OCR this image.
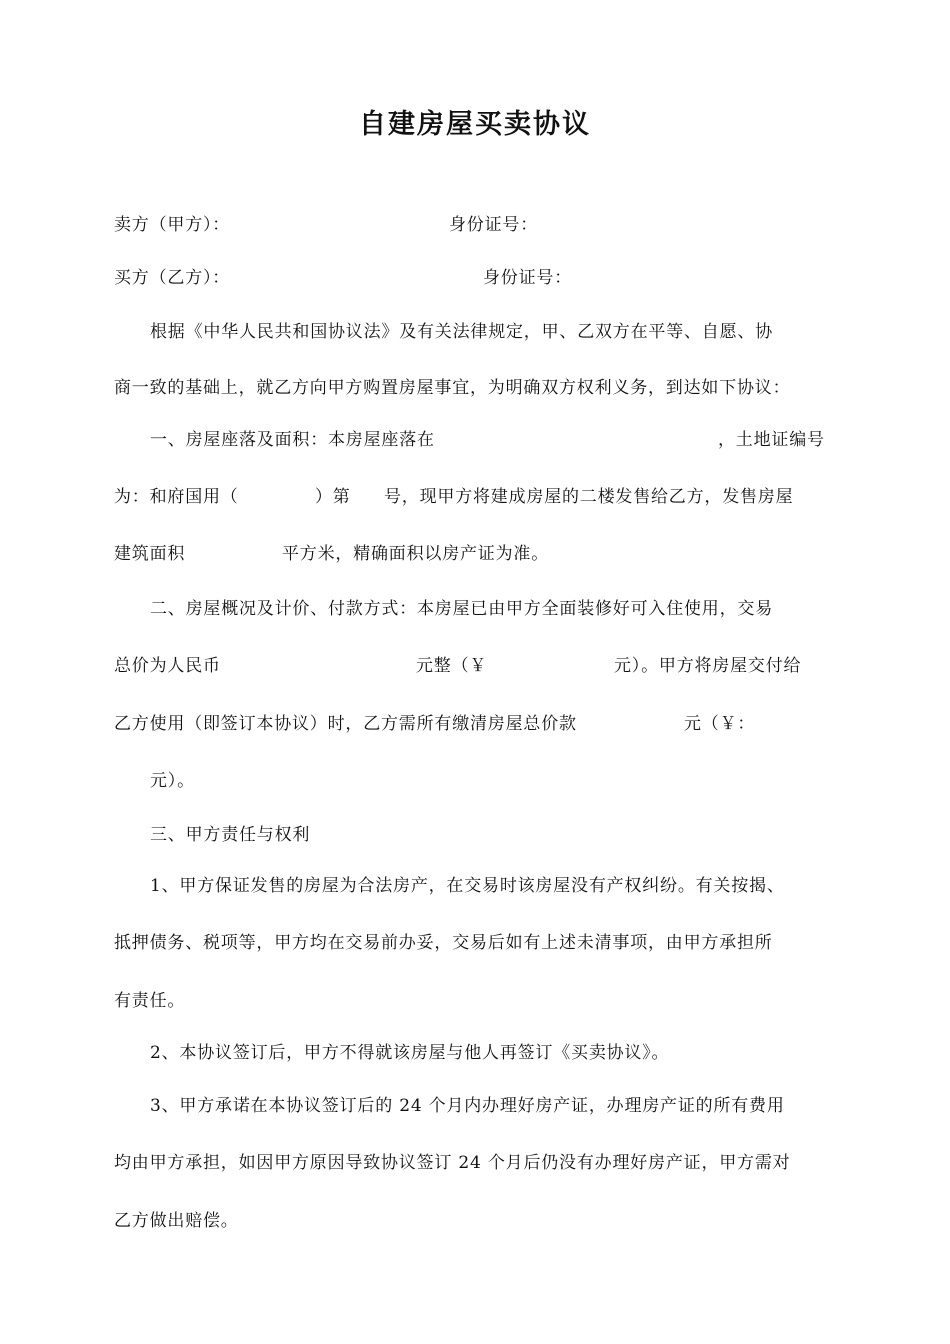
自建房屋买卖协议
卖方（甲方）：	身份证号：
买方（乙方）：	身份证号：
根据《中华人民共和国协议法》及有关法律规定，甲、乙双方在平等、自愿、协
商一致的基础上，就乙方向甲方购置房屋事宜，为明确双方权利义务，到达如下协议：
一、房屋座落及面积：本房屋座落在	，土地证编号
为：和府国用（	）第 号，现甲方将建成房屋的二楼发售给乙方，发售房屋
建筑面积	平方米，精确面积以房产证为准。
二、房屋概况及计价、付款方式：本房屋已由甲方全面装修好可入住使用，交易
总价为人民币	元整（￥	元）。甲方将房屋交付给
乙方使用（即签订本协议）时，乙方需所有缴清房屋总价款	元（￥：
元）。
三、甲方责任与权利
1、甲方保证发售的房屋为合法房产，在交易时该房屋没有产权纠纷。有关按揭、
抵押债务、税项等，甲方均在交易前办妥，交易后如有上述未清事项，由甲方承担所
有责任。
2、本协议签订后，甲方不得就该房屋与他人再签订《买卖协议》。
3、甲方承诺在本协议签订后的 24 个月内办理好房产证，办理房产证的所有费用
均由甲方承担，如因甲方原因导致协议签订 24 个月后仍没有办理好房产证，甲方需对
乙方做出赔偿。
